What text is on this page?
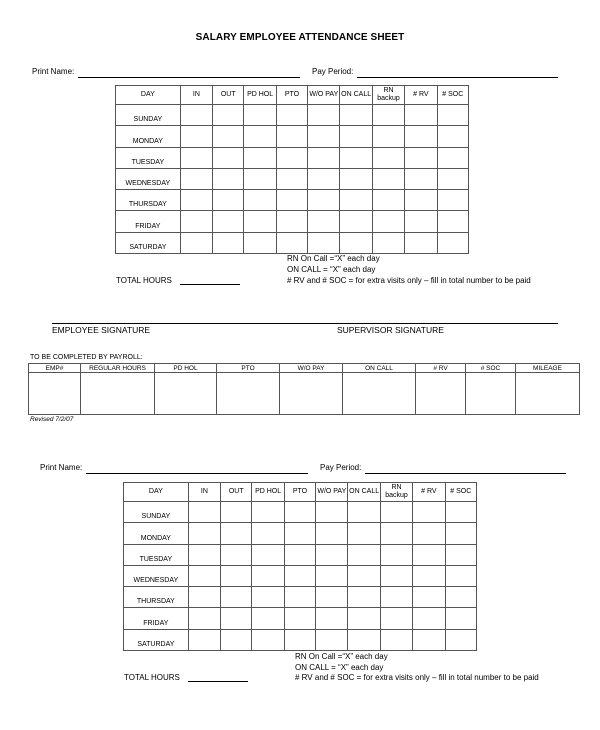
SALARY EMPLOYEE ATTENDANCE SHEET
Print Name:	Pay Period:
DAY	IN	OUT	PD HOL	PTO	W/O PAY	ON CALL	RN backup	# RV	# SOC
SUNDAY									
MONDAY									
TUESDAY									
WEDNESDAY									
THURSDAY									
FRIDAY									
SATURDAY									
RN On Call =“X” each day
ON CALL = “X” each day
TOTAL HOURS	# RV and # SOC = for extra visits only – fill in total number to be paid
EMPLOYEE SIGNATURE	SUPERVISOR SIGNATURE
TO BE COMPLETED BY PAYROLL:
EMP#	REGULAR HOURS	PD HOL	PTO	W/O PAY	ON CALL	# RV	# SOC	MILEAGE

Revised 7/2/07
Print Name:	Pay Period:
DAY	IN	OUT	PD HOL	PTO	W/O PAY	ON CALL	RN backup	# RV	# SOC
SUNDAY									
MONDAY									
TUESDAY									
WEDNESDAY									
THURSDAY									
FRIDAY									
SATURDAY									
RN On Call =“X” each day
ON CALL = “X” each day
TOTAL HOURS	# RV and # SOC = for extra visits only – fill in total number to be paid
